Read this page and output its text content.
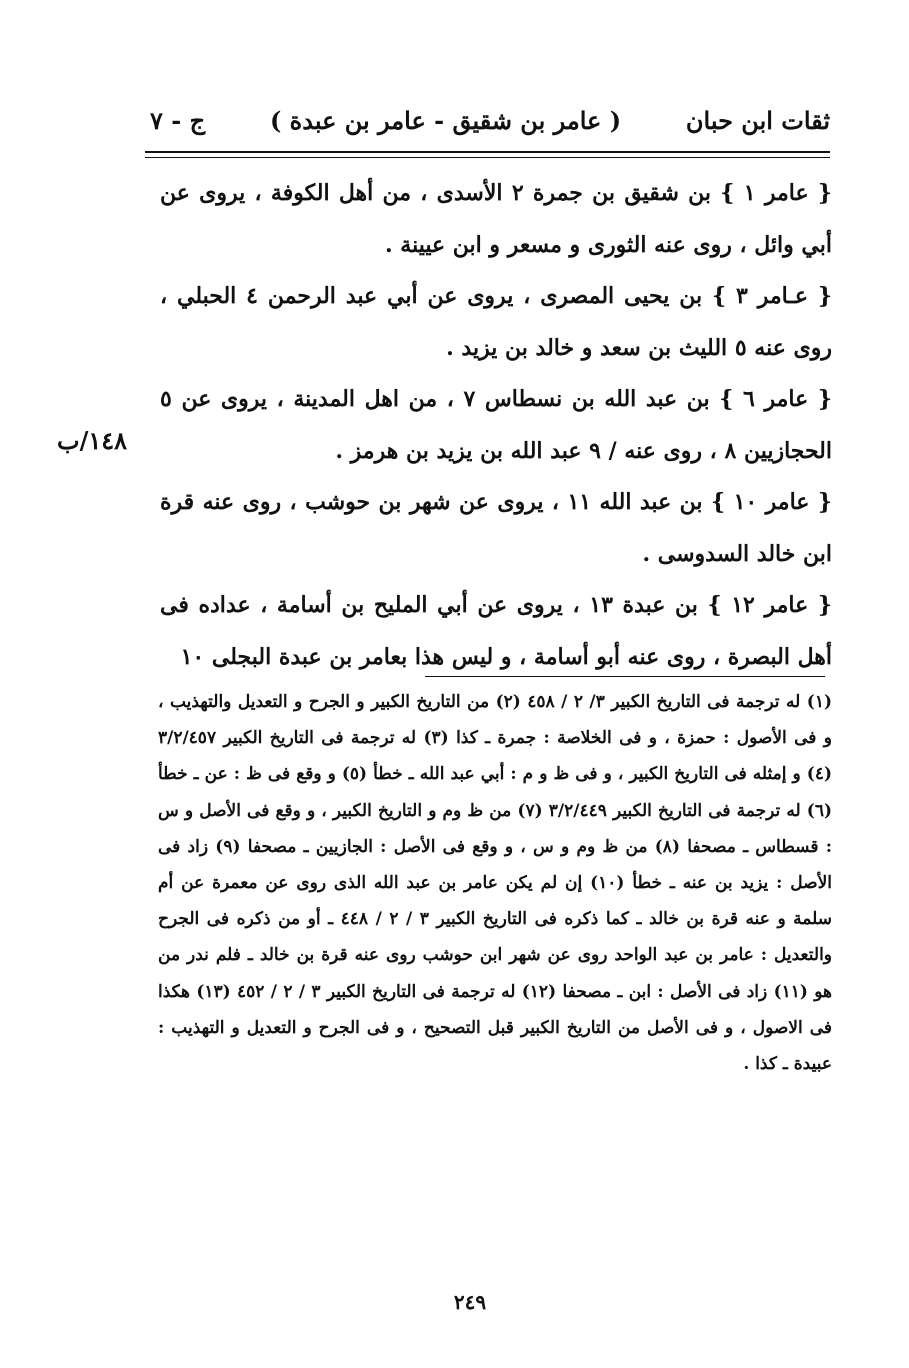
ثقات ابن حبان
( عامر بن شقيق - عامر بن عبدة )
ج - ٧

{ عامر ١ } بن شقيق بن جمرة ٢ الأسدى ، من أهل الكوفة ، يروى عن أبي وائل ، روى عنه الثورى و مسعر و ابن عيينة .

{ عـامر ٣ } بن يحيى المصرى ، يروى عن أبي عبد الرحمن ٤ الحبلي ، روى عنه ٥ الليث بن سعد و خالد بن يزيد .

{ عامر ٦ } بن عبد الله بن نسطاس ٧ ، من اهل المدينة ، يروى عن ٥ الحجازيين ٨ ، روى عنه / ٩ عبد الله بن يزيد بن هرمز .

{ عامر ١٠ } بن عبد الله ١١ ، يروى عن شهر بن حوشب ، روى عنه قرة ابن خالد السدوسى .

{ عامر ١٢ } بن عبدة ١٣ ، يروى عن أبي المليح بن أسامة ، عداده فى أهل البصرة ، روى عنه أبو أسامة ، و ليس هذا بعامر بن عبدة البجلى ١٠

١٤٨/ب

(١) له ترجمة فى التاريخ الكبير ٣/ ٢ / ٤٥٨ (٢) من التاريخ الكبير و الجرح و التعديل والتهذيب ، و فى الأصول : حمزة ، و فى الخلاصة : جمرة ـ كذا (٣) له ترجمة فى التاريخ الكبير ٣/٢/٤٥٧ (٤) و إمثله فى التاريخ الكبير ، و فى ظ و م : أبي عبد الله ـ خطأ (٥) و وقع فى ظ : عن ـ خطأ (٦) له ترجمة فى التاريخ الكبير ٣/٢/٤٤٩ (٧) من ظ وم و التاريخ الكبير ، و وقع فى الأصل و س : قسطاس ـ مصحفا (٨) من ظ وم و س ، و وقع فى الأصل : الجازيين ـ مصحفا (٩) زاد فى الأصل : يزيد بن عنه ـ خطأ (١٠) إن لم يكن عامر بن عبد الله الذى روى عن معمرة عن أم سلمة و عنه قرة بن خالد ـ كما ذكره فى التاريخ الكبير ٣ / ٢ / ٤٤٨ ـ أو من ذكره فى الجرح والتعديل : عامر بن عبد الواحد روى عن شهر ابن حوشب روى عنه قرة بن خالد ـ فلم ندر من هو (١١) زاد فى الأصل : ابن ـ مصحفا (١٢) له ترجمة فى التاريخ الكبير ٣ / ٢ / ٤٥٢ (١٣) هكذا فى الاصول ، و فى الأصل من التاريخ الكبير قبل التصحيح ، و فى الجرح و التعديل و التهذيب : عبيدة ـ كذا .

٢٤٩
